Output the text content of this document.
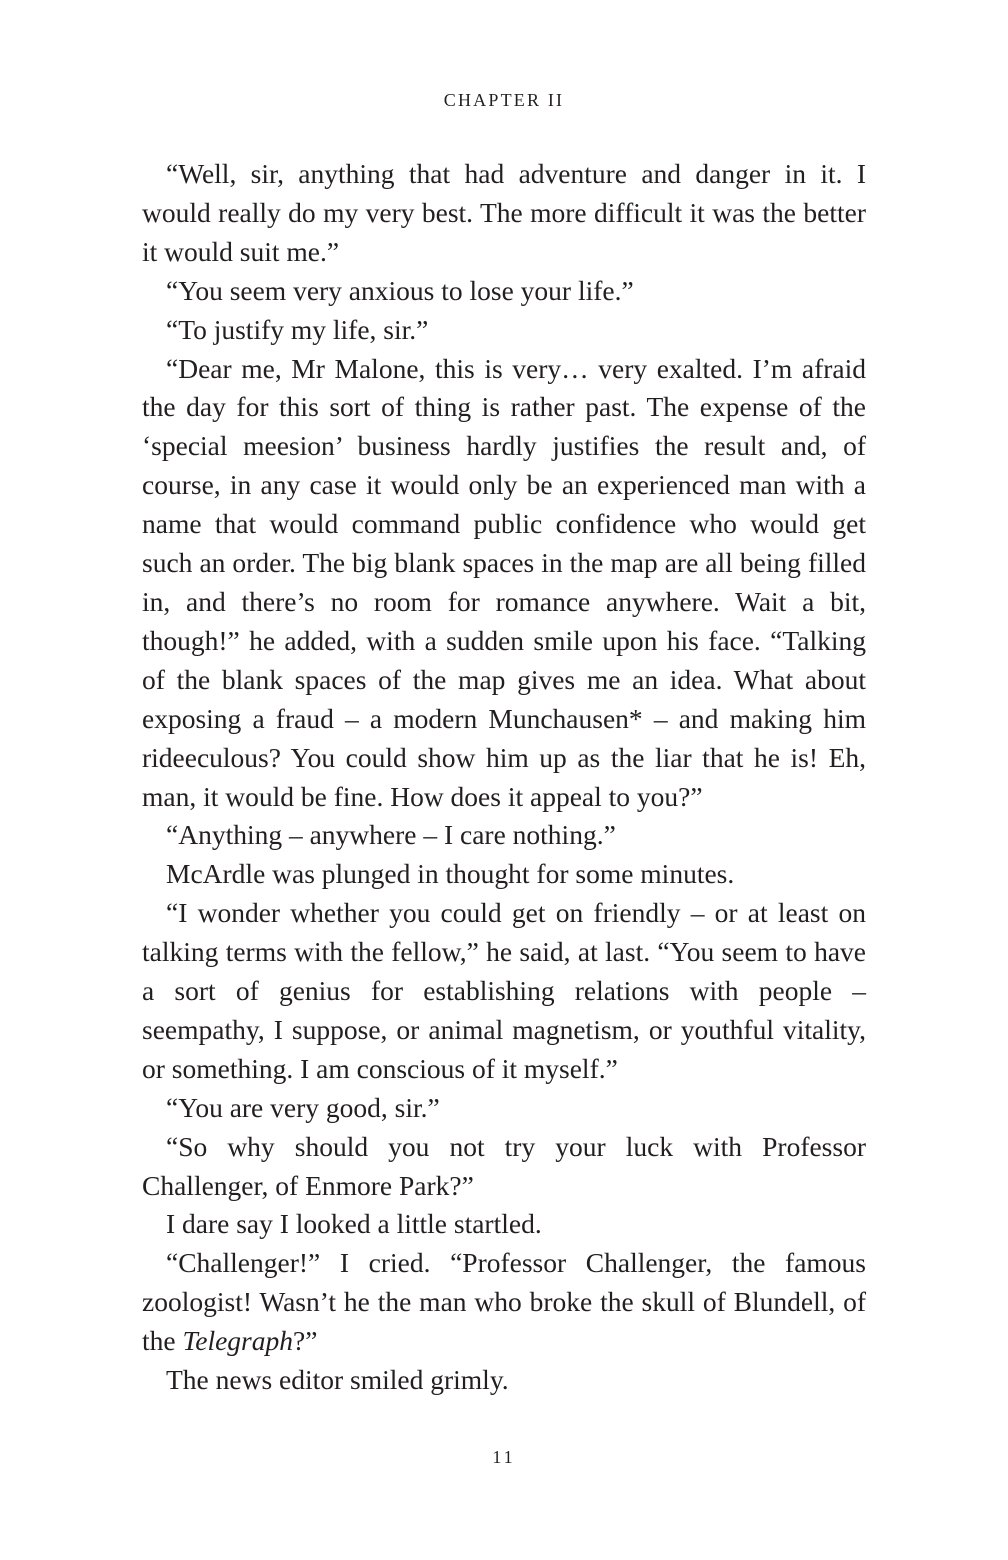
CHAPTER II

“Well, sir, anything that had adventure and danger in it. I would really do my very best. The more difficult it was the better it would suit me.”

“You seem very anxious to lose your life.”

“To justify my life, sir.”

“Dear me, Mr Malone, this is very… very exalted. I’m afraid the day for this sort of thing is rather past. The expense of the ‘special meesion’ business hardly justifies the result and, of course, in any case it would only be an experienced man with a name that would command public confidence who would get such an order. The big blank spaces in the map are all being filled in, and there’s no room for romance anywhere. Wait a bit, though!” he added, with a sudden smile upon his face. “Talking of the blank spaces of the map gives me an idea. What about exposing a fraud – a modern Munchausen* – and making him rideeculous? You could show him up as the liar that he is! Eh, man, it would be fine. How does it appeal to you?”

“Anything – anywhere – I care nothing.”

McArdle was plunged in thought for some minutes.

“I wonder whether you could get on friendly – or at least on talking terms with the fellow,” he said, at last. “You seem to have a sort of genius for establishing relations with people – seempathy, I suppose, or animal magnetism, or youthful vitality, or something. I am conscious of it myself.”

“You are very good, sir.”

“So why should you not try your luck with Professor Challenger, of Enmore Park?”

I dare say I looked a little startled.

“Challenger!” I cried. “Professor Challenger, the famous zoologist! Wasn’t he the man who broke the skull of Blundell, of the Telegraph?”

The news editor smiled grimly.

11
